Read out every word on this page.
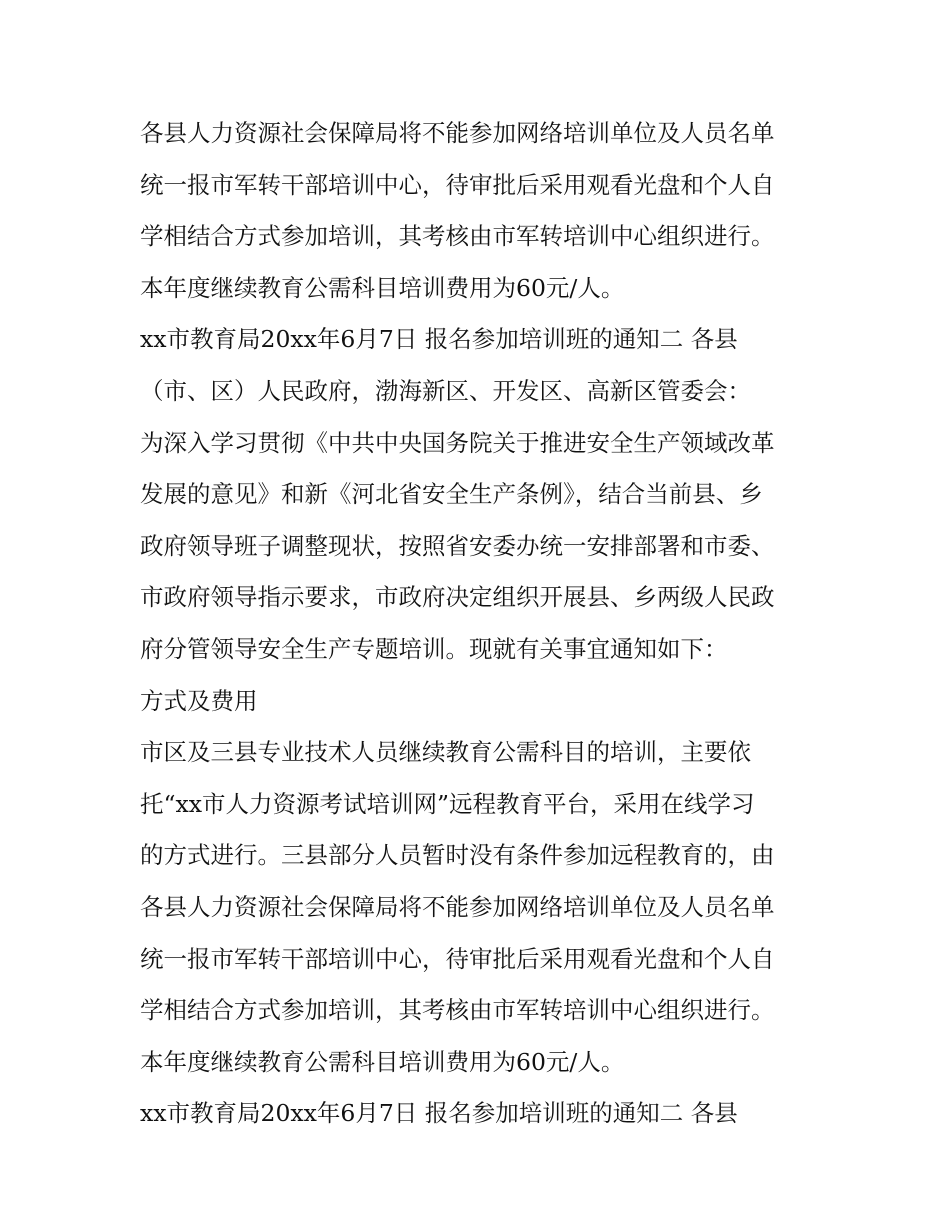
各县人力资源社会保障局将不能参加网络培训单位及人员名单
统一报市军转干部培训中心，待审批后采用观看光盘和个人自
学相结合方式参加培训，其考核由市军转培训中心组织进行。
本年度继续教育公需科目培训费用为60元/人。
xx市教育局20xx年6月7日 报名参加培训班的通知二 各县
（市、区）人民政府，渤海新区、开发区、高新区管委会：
为深入学习贯彻《中共中央国务院关于推进安全生产领域改革
发展的意见》和新《河北省安全生产条例》，结合当前县、乡
政府领导班子调整现状，按照省安委办统一安排部署和市委、
市政府领导指示要求，市政府决定组织开展县、乡两级人民政
府分管领导安全生产专题培训。现就有关事宜通知如下：
方式及费用
市区及三县专业技术人员继续教育公需科目的培训，主要依
托“xx市人力资源考试培训网”远程教育平台，采用在线学习
的方式进行。三县部分人员暂时没有条件参加远程教育的，由
各县人力资源社会保障局将不能参加网络培训单位及人员名单
统一报市军转干部培训中心，待审批后采用观看光盘和个人自
学相结合方式参加培训，其考核由市军转培训中心组织进行。
本年度继续教育公需科目培训费用为60元/人。
xx市教育局20xx年6月7日 报名参加培训班的通知二 各县
